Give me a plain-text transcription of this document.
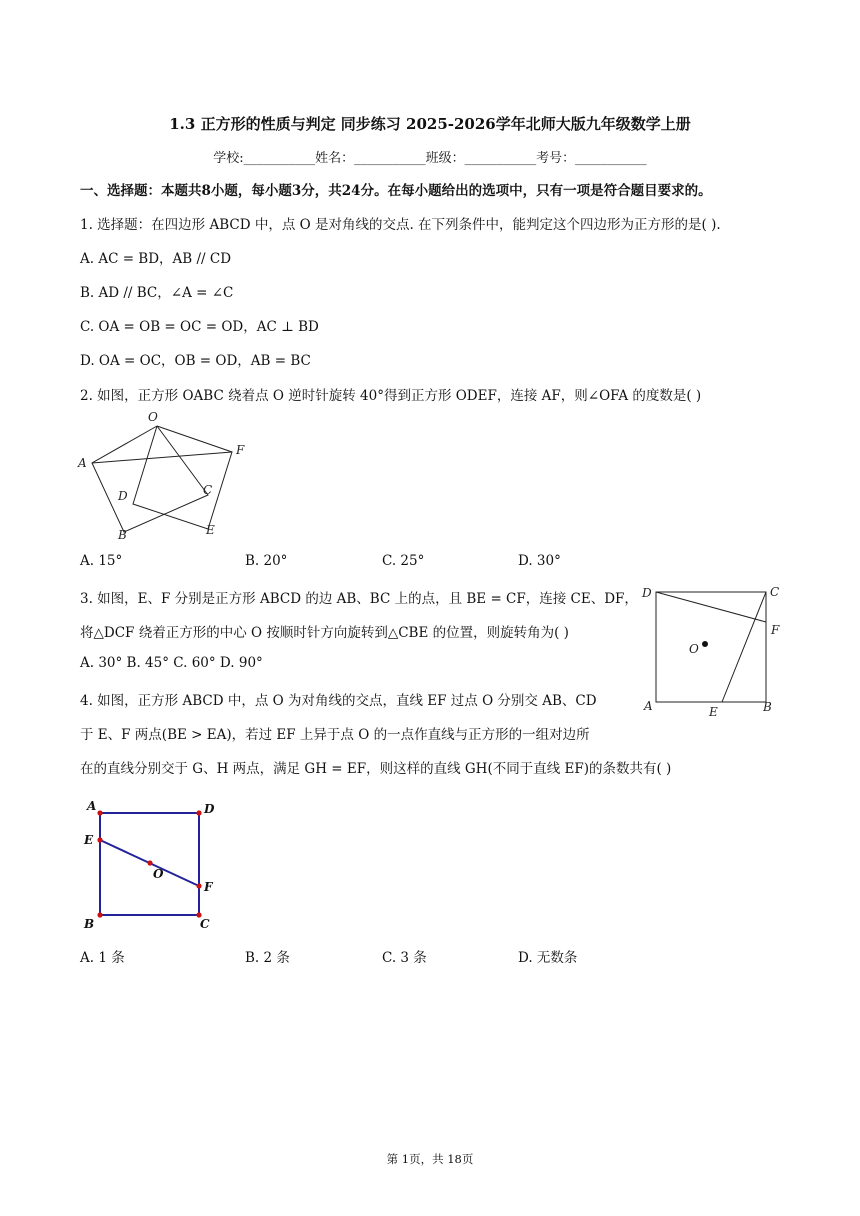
1.3 正方形的性质与判定 同步练习 2025-2026学年北师大版九年级数学上册
学校:___________姓名：___________班级：___________考号：___________
一、选择题：本题共8小题，每小题3分，共24分。在每小题给出的选项中，只有一项是符合题目要求的。
1. 选择题：在四边形 ABCD 中，点 O 是对角线的交点. 在下列条件中，能判定这个四边形为正方形的是( ).
A. AC = BD，AB // CD
B. AD // BC，∠A = ∠C
C. OA = OB = OC = OD，AC ⊥ BD
D. OA = OC，OB = OD，AB = BC
2. 如图，正方形 OABC 绕着点 O 逆时针旋转 40°得到正方形 ODEF，连接 AF，则∠OFA 的度数是( )
O
A
F
D	C
B	E
A. 15°	B. 20°	C. 25°	D. 30°
3. 如图，E、F 分别是正方形 ABCD 的边 AB、BC 上的点，且 BE = CF，连接 CE、DF，
将△DCF 绕着正方形的中心 O 按顺时针方向旋转到△CBE 的位置，则旋转角为( )
A. 30° B. 45° C. 60° D. 90°
D	C
F
O
A	E	B
4. 如图，正方形 ABCD 中，点 O 为对角线的交点，直线 EF 过点 O 分别交 AB、CD
于 E、F 两点(BE > EA)，若过 EF 上异于点 O 的一点作直线与正方形的一组对边所
在的直线分别交于 G、H 两点，满足 GH = EF，则这样的直线 GH(不同于直线 EF)的条数共有( )
A	D
E
O
F
B	C
A. 1 条	B. 2 条	C. 3 条	D. 无数条
第 1页，共 18页
